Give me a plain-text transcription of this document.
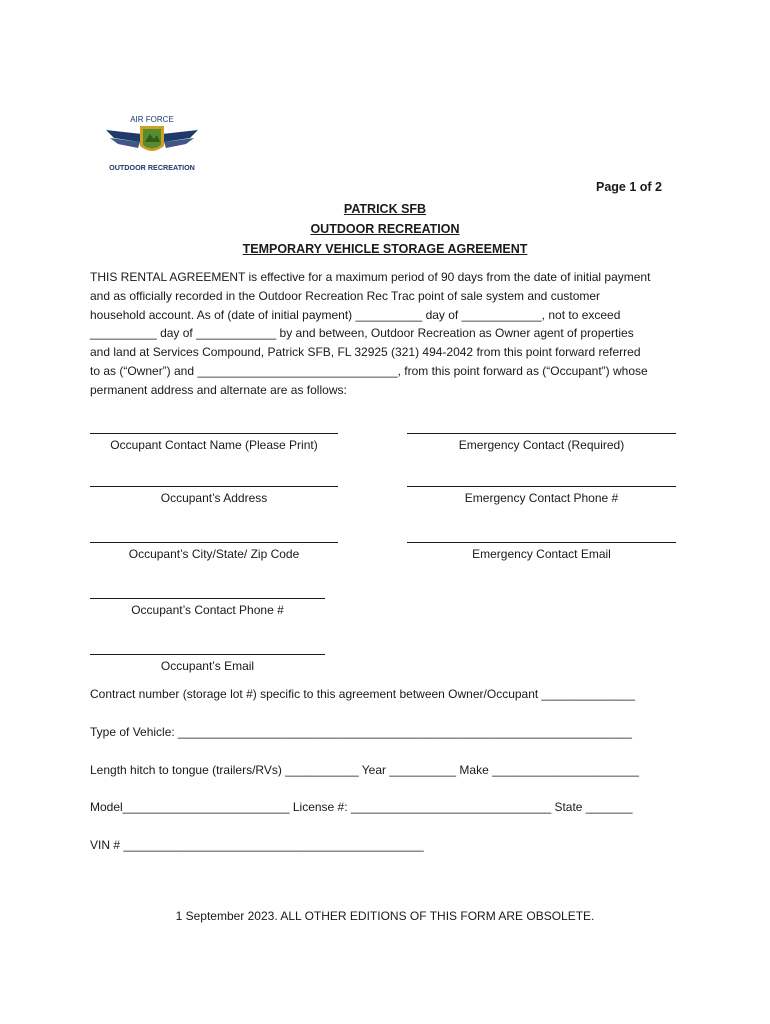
AIR FORCE
OUTDOOR RECREATION
Page 1 of 2
PATRICK SFB
OUTDOOR RECREATION
TEMPORARY VEHICLE STORAGE AGREEMENT
THIS RENTAL AGREEMENT is effective for a maximum period of 90 days from the date of initial payment
and as officially recorded in the Outdoor Recreation Rec Trac point of sale system and customer
household account. As of (date of initial payment) __________ day of ____________, not to exceed
__________ day of ____________ by and between, Outdoor Recreation as Owner agent of properties
and land at Services Compound, Patrick SFB, FL 32925 (321) 494-2042 from this point forward referred
to as (“Owner”) and ______________________________, from this point forward as (“Occupant”) whose
permanent address and alternate are as follows:
Occupant Contact Name (Please Print)	Emergency Contact (Required)
Occupant’s Address	Emergency Contact Phone #
Occupant’s City/State/ Zip Code	Emergency Contact Email
Occupant’s Contact Phone #
Occupant’s Email
Contract number (storage lot #) specific to this agreement between Owner/Occupant ______________
Type of Vehicle: ____________________________________________________________________
Length hitch to tongue (trailers/RVs) ___________ Year __________ Make ______________________
Model_________________________ License #: ______________________________ State _______
VIN # _____________________________________________
1 September 2023. ALL OTHER EDITIONS OF THIS FORM ARE OBSOLETE.
